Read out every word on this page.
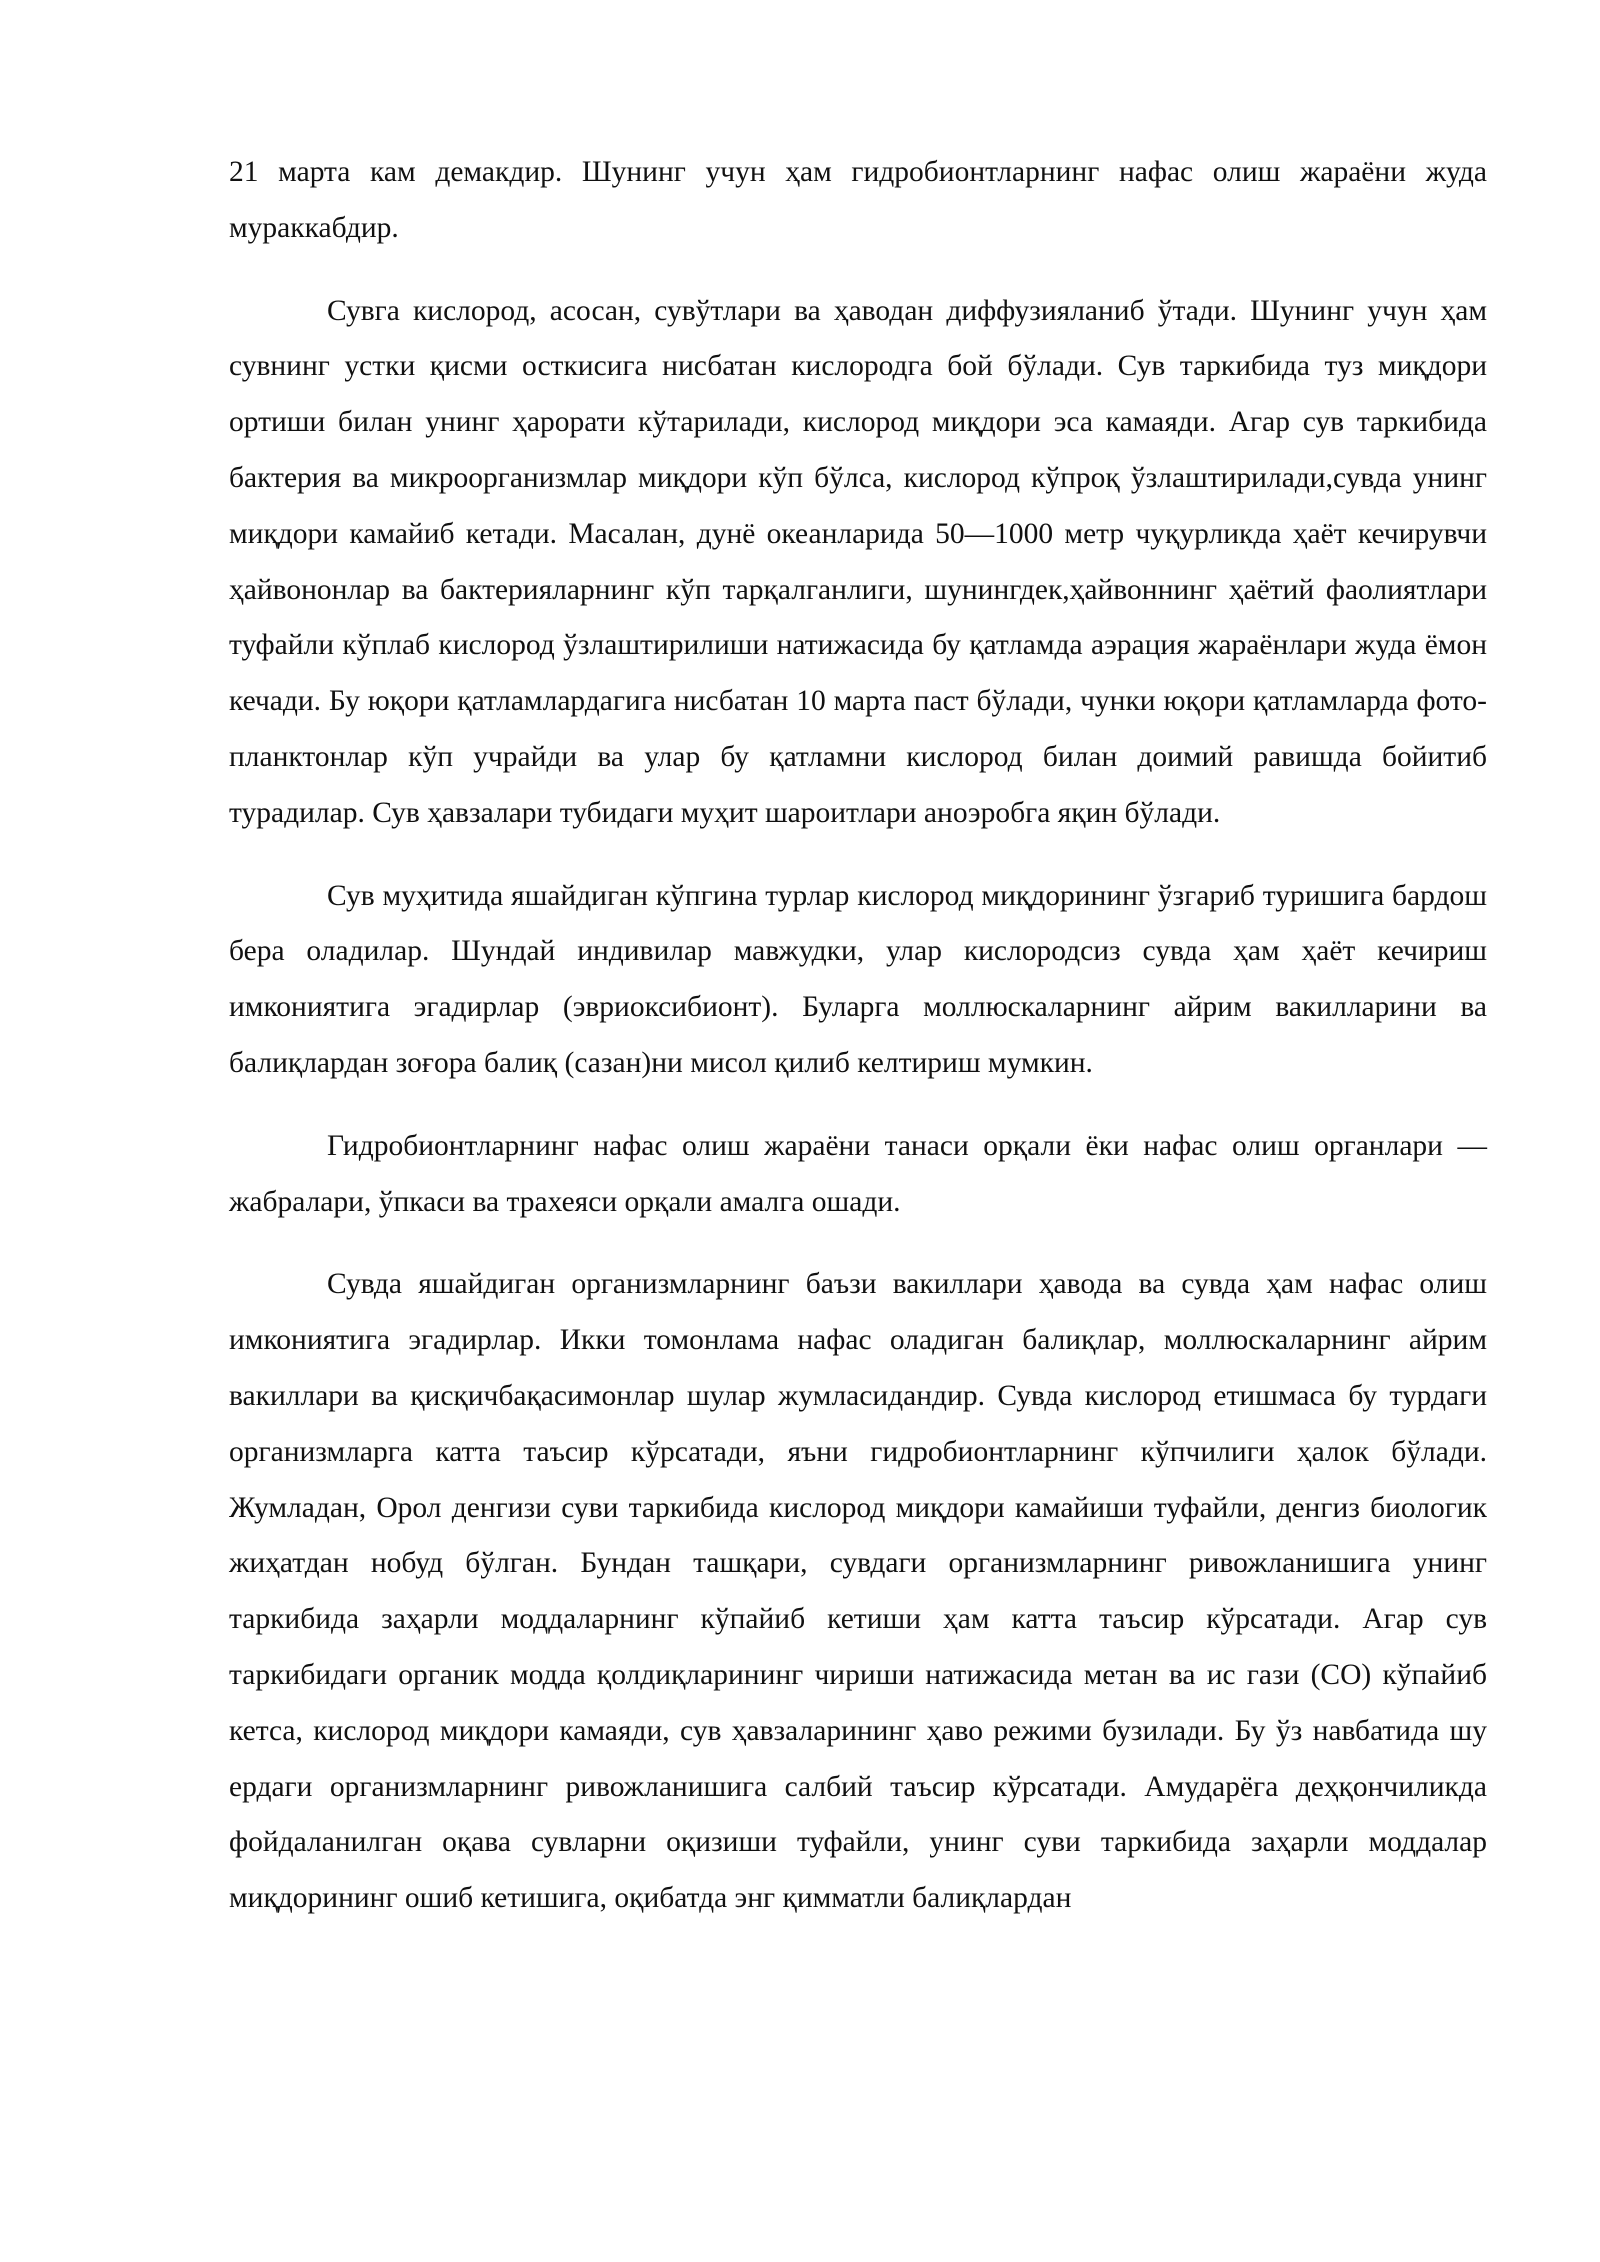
21 марта кам демакдир. Шунинг учун ҳам гидробионтларнинг нафас олиш жараёни жуда мураккабдир.

Сувга кислород, асосан, сувўтлари ва ҳаводан диффузияланиб ўтади. Шунинг учун ҳам сувнинг устки қисми осткисига нисбатан кислородга бой бўлади. Сув таркибида туз миқдори ортиши билан унинг ҳарорати кўтарилади, кислород миқдори эса камаяди. Агар сув таркибида бактерия ва микроорганизмлар миқдори кўп бўлса, кислород кўпроқ ўзлаштирилади,сувда унинг миқдори камайиб кетади. Масалан, дунё океанларида 50—1000 метр чуқурликда ҳаёт кечирувчи ҳайвононлар ва бактерияларнинг кўп тарқалганлиги, шунингдек,ҳайвоннинг ҳаётий фаолиятлари туфайли кўплаб кислород ўзлаштирилиши натижасида бу қатламда аэрация жараёнлари жуда ёмон кечади. Бу юқори қатламлардагига нисбатан 10 марта паст бўлади, чунки юқори қатламларда фото-планктонлар кўп учрайди ва улар бу қатламни кислород билан доимий равишда бойитиб турадилар. Сув ҳавзалари тубидаги муҳит шароитлари аноэробга яқин бўлади.

Сув муҳитида яшайдиган кўпгина турлар кислород миқдорининг ўзгариб туришига бардош бера оладилар. Шундай индивилар мавжудки, улар кислородсиз сувда ҳам ҳаёт кечириш имкониятига эгадирлар (эвриоксибионт). Буларга моллюскаларнинг айрим вакилларини ва балиқлардан зоғора балиқ (сазан)ни мисол қилиб келтириш мумкин.

Гидробионтларнинг нафас олиш жараёни танаси орқали ёки нафас олиш органлари — жабралари, ўпкаси ва трахеяси орқали амалга ошади.

Сувда яшайдиган организмларнинг баъзи вакиллари ҳавода ва сувда ҳам нафас олиш имкониятига эгадирлар. Икки томонлама нафас оладиган балиқлар, моллюскаларнинг айрим вакиллари ва қисқичбақасимонлар шулар жумласидандир. Сувда кислород етишмаса бу турдаги организмларга катта таъсир кўрсатади, яъни гидробионтларнинг кўпчилиги ҳалок бўлади. Жумладан, Орол денгизи суви таркибида кислород миқдори камайиши туфайли, денгиз биологик жиҳатдан нобуд бўлган. Бундан ташқари, сувдаги организмларнинг ривожланишига унинг таркибида заҳарли моддаларнинг кўпайиб кетиши ҳам катта таъсир кўрсатади. Агар сув таркибидаги органик модда қолдиқларининг чириши натижасида метан ва ис гази (СО) кўпайиб кетса, кислород миқдори камаяди, сув ҳавзаларининг ҳаво режими бузилади. Бу ўз навбатида шу ердаги организмларнинг ривожланишига салбий таъсир кўрсатади. Амударёга деҳқончиликда фойдаланилган оқава сувларни оқизиши туфайли, унинг суви таркибида заҳарли моддалар миқдорининг ошиб кетишига, оқибатда энг қимматли балиқлардан
